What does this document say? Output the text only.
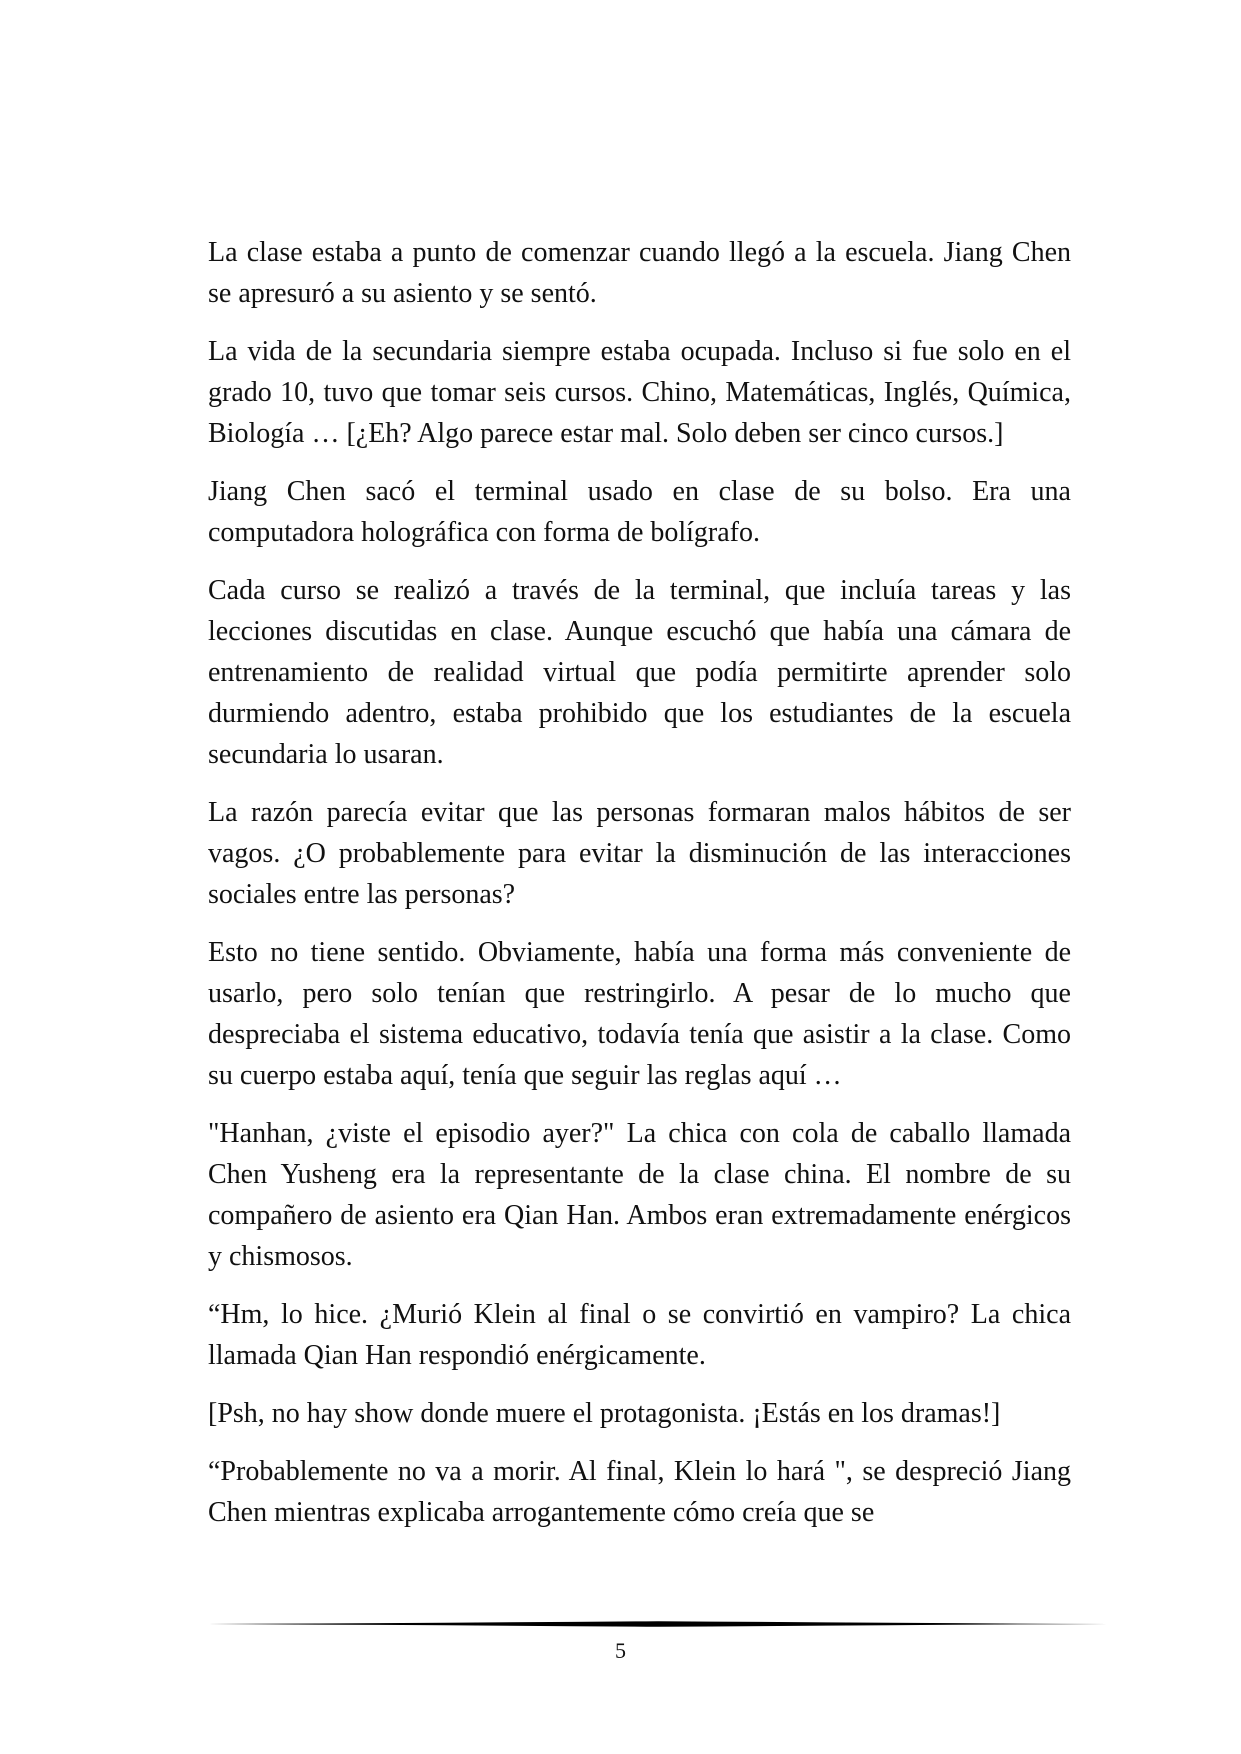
La clase estaba a punto de comenzar cuando llegó a la escuela. Jiang Chen se apresuró a su asiento y se sentó.

La vida de la secundaria siempre estaba ocupada. Incluso si fue solo en el grado 10, tuvo que tomar seis cursos. Chino, Matemáticas, Inglés, Química, Biología … [¿Eh? Algo parece estar mal. Solo deben ser cinco cursos.]

Jiang Chen sacó el terminal usado en clase de su bolso. Era una computadora holográfica con forma de bolígrafo.

Cada curso se realizó a través de la terminal, que incluía tareas y las lecciones discutidas en clase. Aunque escuchó que había una cámara de entrenamiento de realidad virtual que podía permitirte aprender solo durmiendo adentro, estaba prohibido que los estudiantes de la escuela secundaria lo usaran.

La razón parecía evitar que las personas formaran malos hábitos de ser vagos. ¿O probablemente para evitar la disminución de las interacciones sociales entre las personas?

Esto no tiene sentido. Obviamente, había una forma más conveniente de usarlo, pero solo tenían que restringirlo. A pesar de lo mucho que despreciaba el sistema educativo, todavía tenía que asistir a la clase. Como su cuerpo estaba aquí, tenía que seguir las reglas aquí …

"Hanhan, ¿viste el episodio ayer?" La chica con cola de caballo llamada Chen Yusheng era la representante de la clase china. El nombre de su compañero de asiento era Qian Han. Ambos eran extremadamente enérgicos y chismosos.

“Hm, lo hice. ¿Murió Klein al final o se convirtió en vampiro? La chica llamada Qian Han respondió enérgicamente.

[Psh, no hay show donde muere el protagonista. ¡Estás en los dramas!]

“Probablemente no va a morir. Al final, Klein lo hará ", se despreció Jiang Chen mientras explicaba arrogantemente cómo creía que se

5
